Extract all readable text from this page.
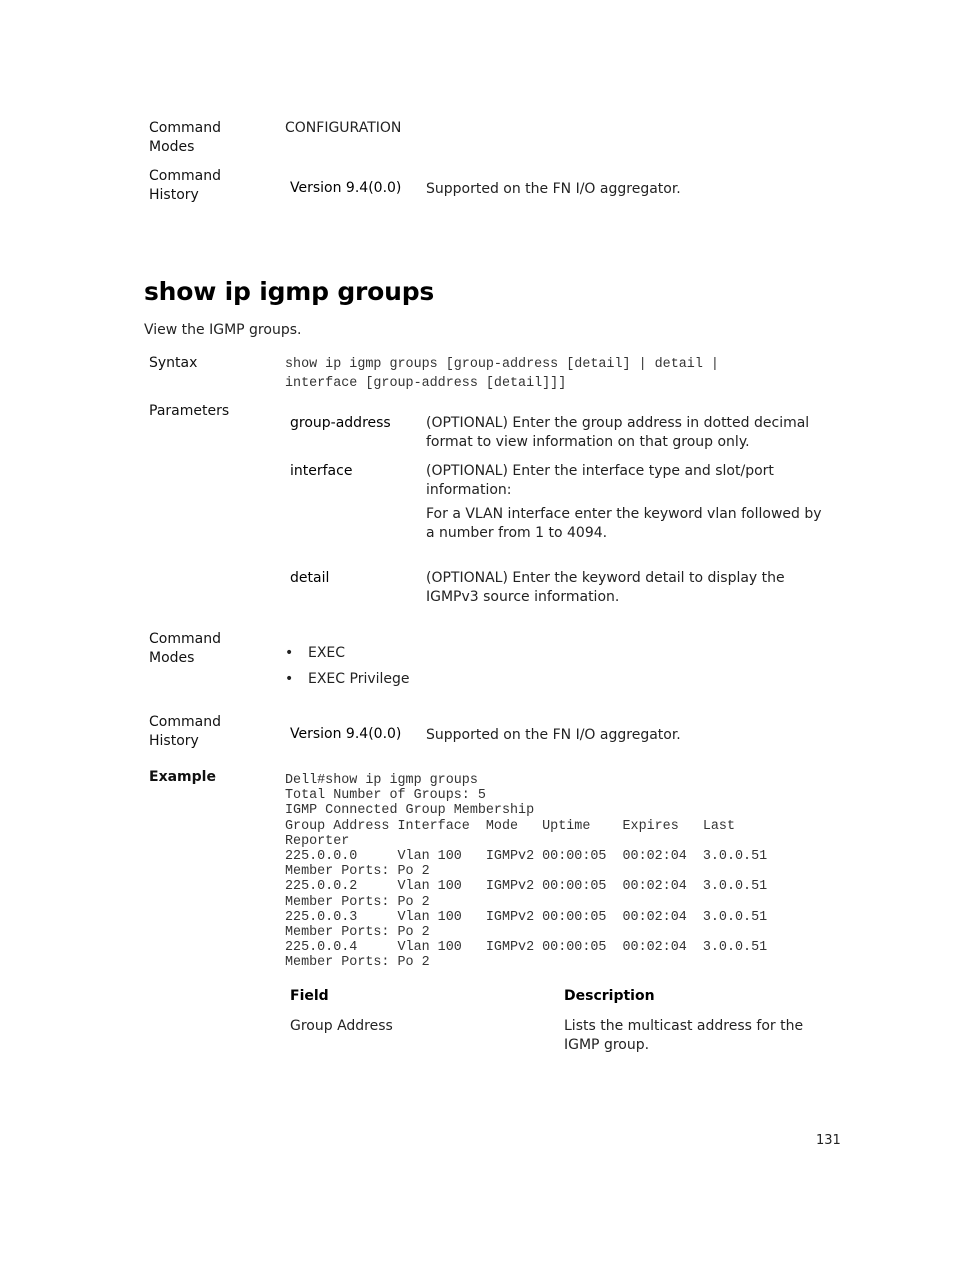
Command
Modes
CONFIGURATION
Command
History	Version 9.4(0.0) Supported on the FN I/O aggregator.
show ip igmp groups
View the IGMP groups.
Syntax	show ip igmp groups [group-address [detail] | detail |
interface [group-address [detail]]]
Parameters
group-address	(OPTIONAL) Enter the group address in dotted decimal format to view information on that group only.
interface	(OPTIONAL) Enter the interface type and slot/port information:
For a VLAN interface enter the keyword vlan followed by a number from 1 to 4094.
detail	(OPTIONAL) Enter the keyword detail to display the IGMPv3 source information.
Command
Modes
•	EXEC
• EXEC Privilege
Command
History	Version 9.4(0.0) Supported on the FN I/O aggregator.
Example	Dell#show ip igmp groups
Total Number of Groups: 5
IGMP Connected Group Membership
Group Address Interface  Mode   Uptime    Expires   Last
Reporter
225.0.0.0     Vlan 100   IGMPv2 00:00:05  00:02:04  3.0.0.51
Member Ports: Po 2
225.0.0.2     Vlan 100   IGMPv2 00:00:05  00:02:04  3.0.0.51
Member Ports: Po 2
225.0.0.3     Vlan 100   IGMPv2 00:00:05  00:02:04  3.0.0.51
Member Ports: Po 2
225.0.0.4     Vlan 100   IGMPv2 00:00:05  00:02:04  3.0.0.51
Member Ports: Po 2
Field	Description
Group Address	Lists the multicast address for the IGMP group.
131
